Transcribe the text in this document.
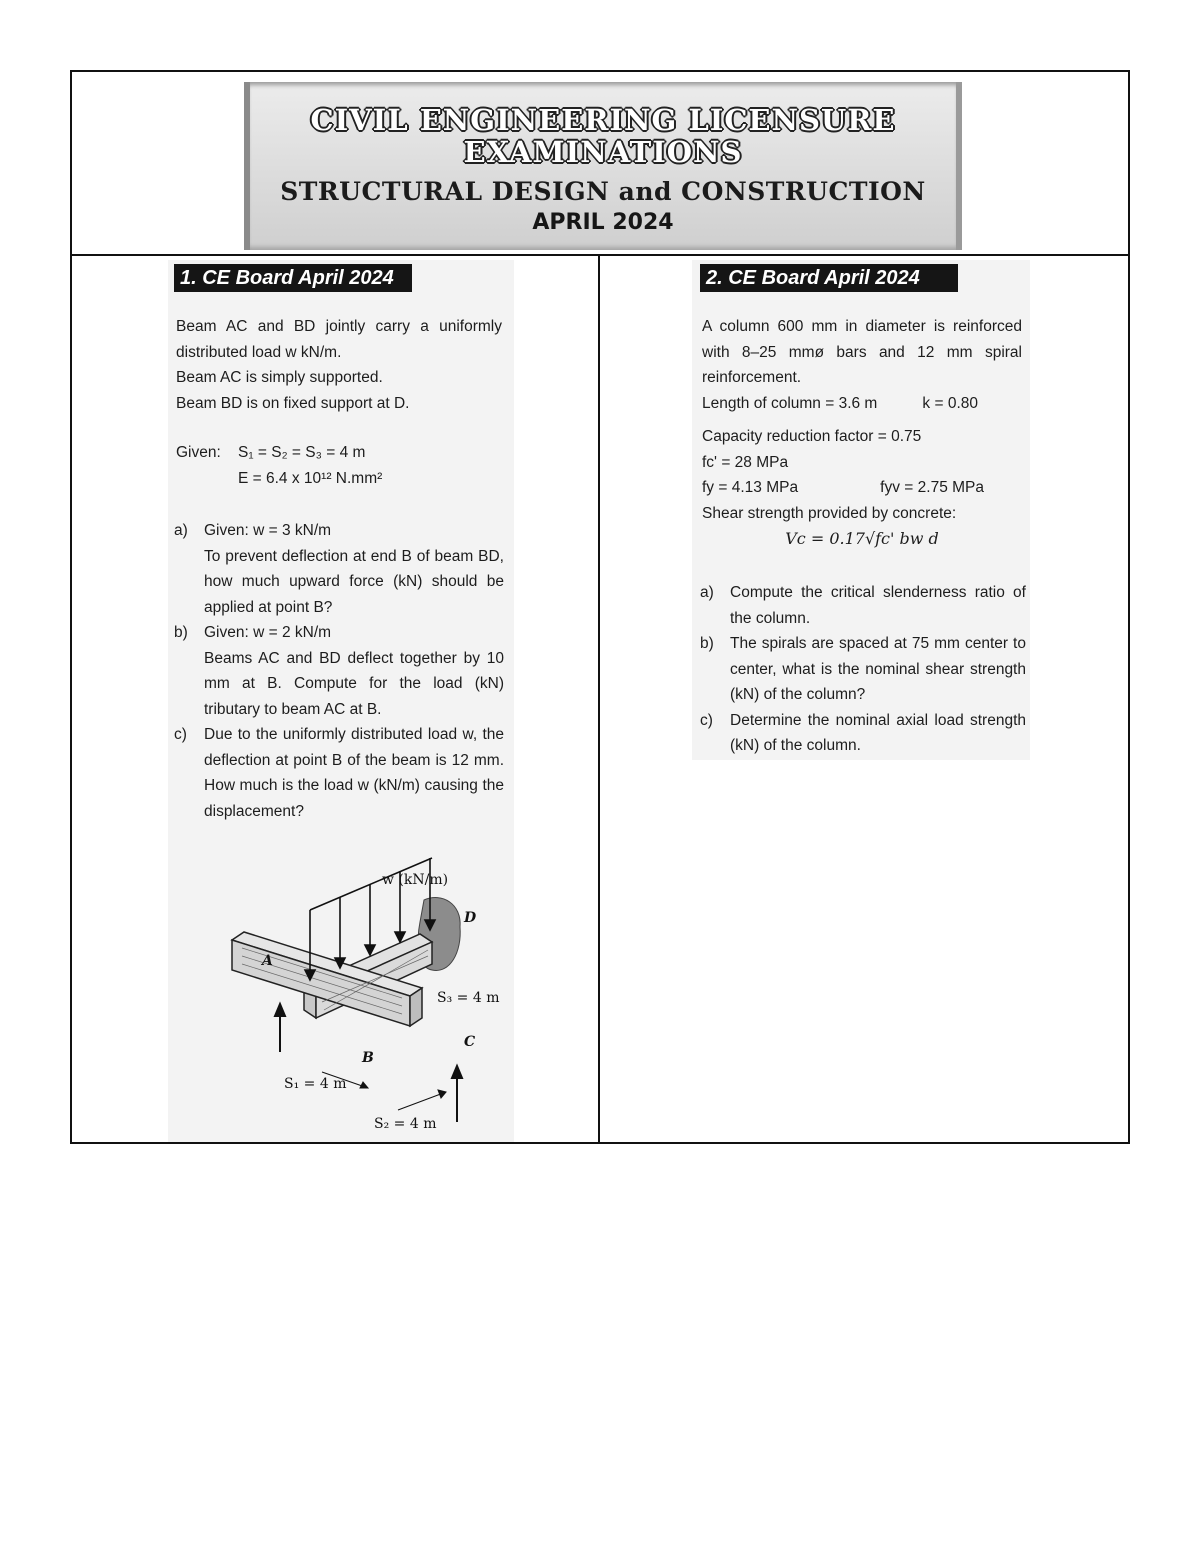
CIVIL ENGINEERING LICENSURE
EXAMINATIONS
STRUCTURAL DESIGN and CONSTRUCTION
APRIL 2024
1. CE Board April 2024

Beam AC and BD jointly carry a uniformly distributed load w kN/m.

Beam AC is simply supported.

Beam BD is on fixed support at D.

Given:	S₁ = S₂ = S₃ = 4 m
E = 6.4 x 10¹² N.mm²
a)	Given: w = 3 kN/m
To prevent deflection at end B of beam BD, how much upward force (kN) should be applied at point B?
b)	Given: w = 2 kN/m
Beams AC and BD deflect together by 10 mm at B. Compute for the load (kN) tributary to beam AC at B.
c)	Due to the uniformly distributed load w, the deflection at point B of the beam is 12 mm. How much is the load w (kN/m) causing the displacement?
A
B
C
D
w (kN/m)
S₃ = 4 m
S₁ = 4 m
S₂ = 4 m
2. CE Board April 2024

A column 600 mm in diameter is reinforced with 8–25 mmø bars and 12 mm spiral reinforcement.

Length of column = 3.6 m	k = 0.80

Capacity reduction factor = 0.75

fc' = 28 MPa

fy = 4.13 MPa	fyv = 2.75 MPa

Shear strength provided by concrete:

Vc = 0.17√fc' bw d

a)	Compute the critical slenderness ratio of the column.
b)	The spirals are spaced at 75 mm center to center, what is the nominal shear strength (kN) of the column?
c)	Determine the nominal axial load strength (kN) of the column.
